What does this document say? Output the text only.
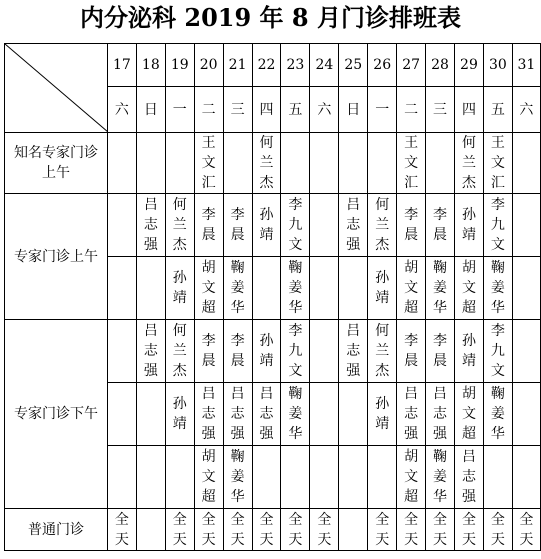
内分泌科 2019 年 8 月门诊排班表
	17	18	19	20	21	22	23	24	25	26	27	28	29	30	31
	六	日	一	二	三	四	五	六	日	一	二	三	四	五	六
知名专家门诊上午				王文汇		何兰杰					王文汇		何兰杰	王文汇	
专家门诊上午		吕志强	何兰杰	李晨	李晨	孙靖	李九文		吕志强	何兰杰	李晨	李晨	孙靖	李九文	
			孙靖	胡文超	鞠姜华		鞠姜华			孙靖	胡文超	鞠姜华	胡文超	鞠姜华	
专家门诊下午		吕志强	何兰杰	李晨	李晨	孙靖	李九文		吕志强	何兰杰	李晨	李晨	孙靖	李九文	
			孙靖	吕志强	吕志强	吕志强	鞠姜华			孙靖	吕志强	吕志强	胡文超	鞠姜华	
				胡文超	鞠姜华						胡文超	鞠姜华	吕志强		
普通门诊	全天		全天	全天	全天	全天	全天	全天		全天	全天	全天	全天	全天	全天
